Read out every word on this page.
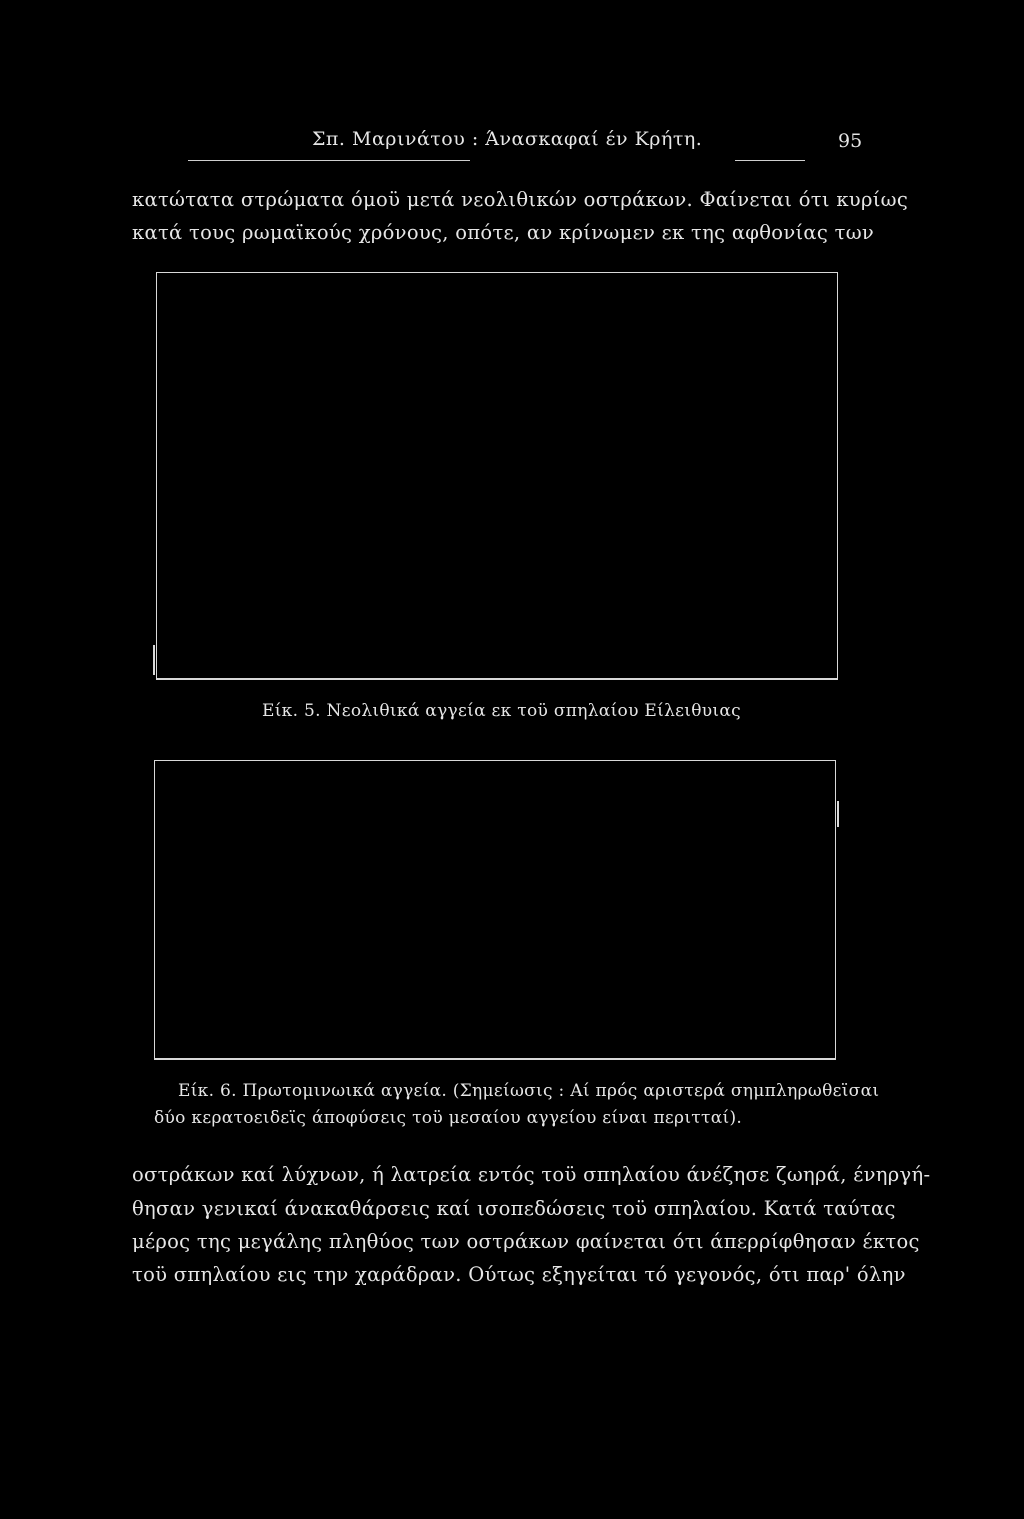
Σπ. Μαρινάτου : Άνασκαφαί έν Κρήτη.	95
κατώτατα στρώματα όμοϋ μετά νεολιθικών οστράκων. Φαίνεται ότι κυρίως
κατά τους ρωμαϊκούς χρόνους, οπότε, αν κρίνωμεν εκ της αφθονίας των
Είκ. 5. Νεολιθικά αγγεία εκ τοϋ σπηλαίου Είλειθυιας
Είκ. 6. Πρωτομινωικά αγγεία. (Σημείωσις : Αί πρός αριστερά σημπληρωθεϊσαι
δύο κερατοειδεϊς άποφύσεις τοϋ μεσαίου αγγείου είναι περιτταί).
οστράκων καί λύχνων, ή λατρεία εντός τοϋ σπηλαίου άνέζησε ζωηρά, ένηργή-
θησαν γενικαί άνακαθάρσεις καί ισοπεδώσεις τοϋ σπηλαίου. Κατά ταύτας
μέρος της μεγάλης πληθύος των οστράκων φαίνεται ότι άπερρίφθησαν έκτος
τοϋ σπηλαίου εις την χαράδραν. Ούτως εξηγείται τό γεγονός, ότι παρ' όλην
